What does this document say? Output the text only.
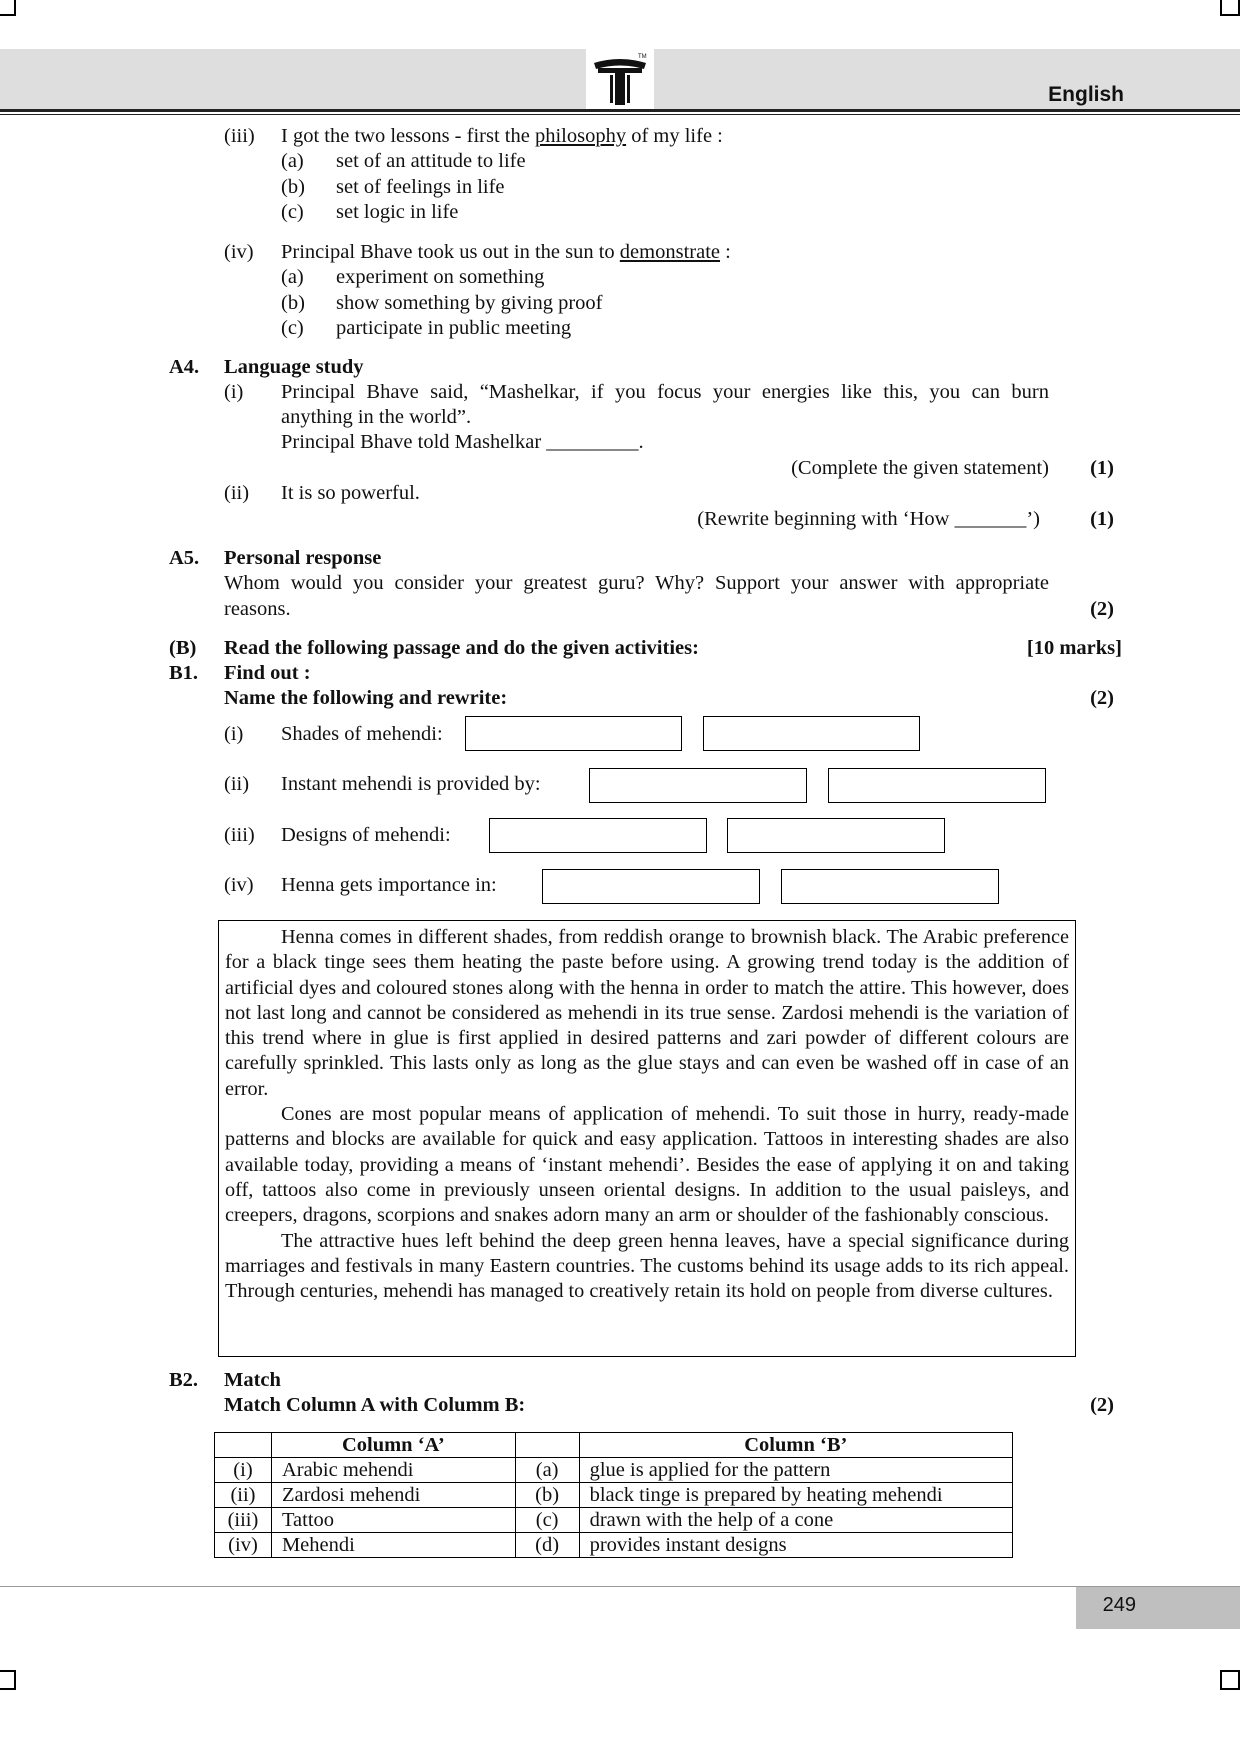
TM
English
(iii) I got the two lessons - first the philosophy of my life :
(a) set of an attitude to life
(b) set of feelings in life
(c) set logic in life
(iv) Principal Bhave took us out in the sun to demonstrate :
(a) experiment on something
(b) show something by giving proof
(c) participate in public meeting
A4. Language study
(i) Principal Bhave said, “Mashelkar, if you focus your energies like this, you can burn
anything in the world”.
Principal Bhave told Mashelkar _________.
(Complete the given statement) (1)
(ii) It is so powerful.
(Rewrite beginning with ‘How _______’) (1)
A5. Personal response
Whom would you consider your greatest guru? Why? Support your answer with appropriate
reasons.	(2)
(B) Read the following passage and do the given activities:	[10 marks]
B1. Find out :
Name the following and rewrite:	(2)
(i) Shades of mehendi:
(ii) Instant mehendi is provided by:
(iii) Designs of mehendi:
(iv) Henna gets importance in:

Henna comes in different shades, from reddish orange to brownish black. The Arabic preference for a black tinge sees them heating the paste before using. A growing trend today is the addition of artificial dyes and coloured stones along with the henna in order to match the attire. This however, does not last long and cannot be considered as mehendi in its true sense. Zardosi mehendi is the variation of this trend where in glue is first applied in desired patterns and zari powder of different colours are carefully sprinkled. This lasts only as long as the glue stays and can even be washed off in case of an error.

Cones are most popular means of application of mehendi. To suit those in hurry, ready-made patterns and blocks are available for quick and easy application. Tattoos in interesting shades are also available today, providing a means of ‘instant mehendi’. Besides the ease of applying it on and taking off, tattoos also come in previously unseen oriental designs. In addition to the usual paisleys, and creepers, dragons, scorpions and snakes adorn many an arm or shoulder of the fashionably conscious.

The attractive hues left behind the deep green henna leaves, have a special significance during marriages and festivals in many Eastern countries. The customs behind its usage adds to its rich appeal. Through centuries, mehendi has managed to creatively retain its hold on people from diverse cultures.

B2. Match
Match Column A with Columm B:	(2)
	Column ‘A’		Column ‘B’
(i)	Arabic mehendi	(a)	glue is applied for the pattern
(ii)	Zardosi mehendi	(b)	black tinge is prepared by heating mehendi
(iii)	Tattoo	(c)	drawn with the help of a cone
(iv)	Mehendi	(d)	provides instant designs
249
